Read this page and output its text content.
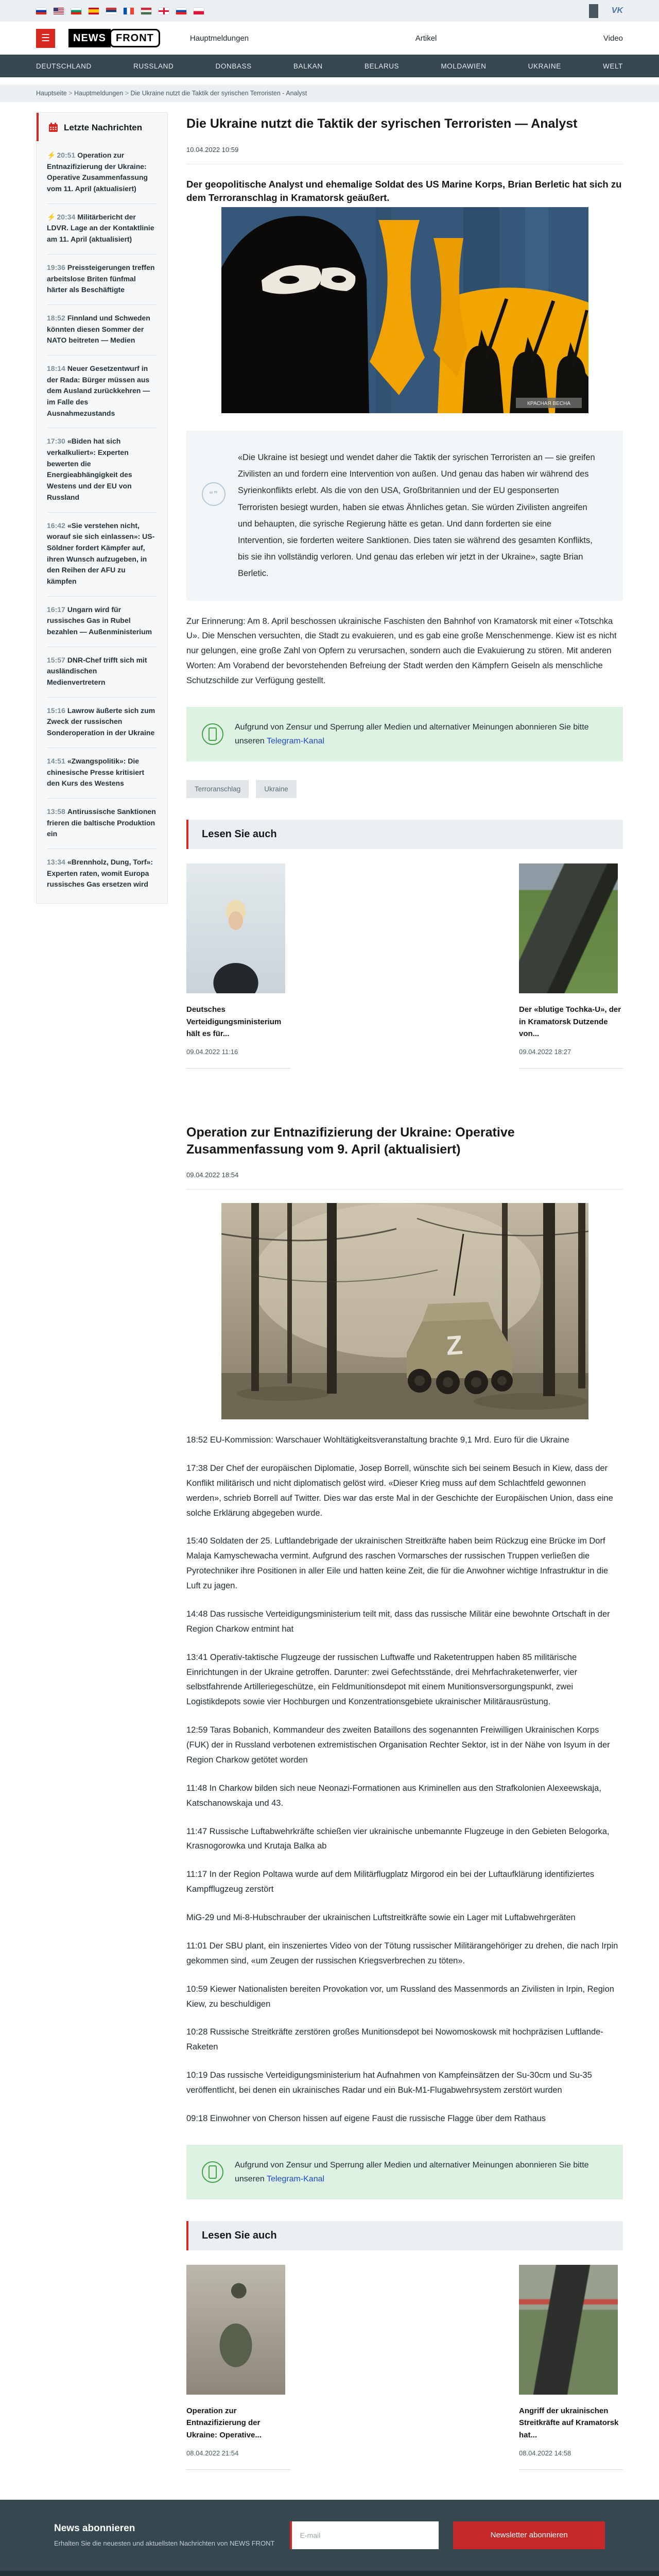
VK
☰	NEWS FRONT	Hauptmeldungen	Artikel	Video
DEUTSCHLAND	RUSSLAND	DONBASS	BALKAN	BELARUS	MOLDAWIEN	UKRAINE	WELT
Hauptseite > Hauptmeldungen > Die Ukraine nutzt die Taktik der syrischen Terroristen - Analyst
Letzte Nachrichten
⚡ 20:51 Operation zur Entnazifizierung der Ukraine: Operative Zusammenfassung vom 11. April (aktualisiert)
⚡ 20:34 Militärbericht der LDVR. Lage an der Kontaktlinie am 11. April (aktualisiert)
19:36 Preissteigerungen treffen arbeitslose Briten fünfmal härter als Beschäftigte
18:52 Finnland und Schweden könnten diesen Sommer der NATO beitreten — Medien
18:14 Neuer Gesetzentwurf in der Rada: Bürger müssen aus dem Ausland zurückkehren — im Falle des Ausnahmezustands
17:30 «Biden hat sich verkalkuliert»: Experten bewerten die Energieabhängigkeit des Westens und der EU von Russland
16:42 «Sie verstehen nicht, worauf sie sich einlassen»: US-Söldner fordert Kämpfer auf, ihren Wunsch aufzugeben, in den Reihen der AFU zu kämpfen
16:17 Ungarn wird für russisches Gas in Rubel bezahlen — Außenministerium
15:57 DNR-Chef trifft sich mit ausländischen Medienvertretern
15:16 Lawrow äußerte sich zum Zweck der russischen Sonderoperation in der Ukraine
14:51 «Zwangspolitik»: Die chinesische Presse kritisiert den Kurs des Westens
13:58 Antirussische Sanktionen frieren die baltische Produktion ein
13:34 «Brennholz, Dung, Torf»: Experten raten, womit Europa russisches Gas ersetzen wird
Die Ukraine nutzt die Taktik der syrischen Terroristen — Analyst
10.04.2022 10:59

Der geopolitische Analyst und ehemalige Soldat des US Marine Korps, Brian Berletic hat sich zu dem Terroranschlag in Kramatorsk geäußert.

КРАСНАЯ ВЕСНА
❝❞
«Die Ukraine ist besiegt und wendet daher die Taktik der syrischen Terroristen an — sie greifen Zivilisten an und fordern eine Intervention von außen. Und genau das haben wir während des Syrienkonflikts erlebt. Als die von den USA, Großbritannien und der EU gesponserten Terroristen besiegt wurden, haben sie etwas Ähnliches getan. Sie würden Zivilisten angreifen und behaupten, die syrische Regierung hätte es getan. Und dann forderten sie eine Intervention, sie forderten weitere Sanktionen. Dies taten sie während des gesamten Konflikts, bis sie ihn vollständig verloren. Und genau das erleben wir jetzt in der Ukraine», sagte Brian Berletic.

Zur Erinnerung: Am 8. April beschossen ukrainische Faschisten den Bahnhof von Kramatorsk mit einer «Totschka U». Die Menschen versuchten, die Stadt zu evakuieren, und es gab eine große Menschenmenge. Kiew ist es nicht nur gelungen, eine große Zahl von Opfern zu verursachen, sondern auch die Evakuierung zu stören. Mit anderen Worten: Am Vorabend der bevorstehenden Befreiung der Stadt werden den Kämpfern Geiseln als menschliche Schutzschilde zur Verfügung gestellt.

Aufgrund von Zensur und Sperrung aller Medien und alternativer Meinungen abonnieren Sie bitte unseren Telegram-Kanal
Terroranschlag	Ukraine
Lesen Sie auch
Deutsches Verteidigungsministerium hält es für...
09.04.2022 11:16
Der «blutige Tochka-U», der in Kramatorsk Dutzende von...
09.04.2022 18:27
Operation zur Entnazifizierung der Ukraine: Operative Zusammenfassung vom 9. April (aktualisiert)
09.04.2022 18:54
Z

18:52 EU-Kommission: Warschauer Wohltätigkeitsveranstaltung brachte 9,1 Mrd. Euro für die Ukraine

17:38 Der Chef der europäischen Diplomatie, Josep Borrell, wünschte sich bei seinem Besuch in Kiew, dass der Konflikt militärisch und nicht diplomatisch gelöst wird. «Dieser Krieg muss auf dem Schlachtfeld gewonnen werden», schrieb Borrell auf Twitter. Dies war das erste Mal in der Geschichte der Europäischen Union, dass eine solche Erklärung abgegeben wurde.

15:40 Soldaten der 25. Luftlandebrigade der ukrainischen Streitkräfte haben beim Rückzug eine Brücke im Dorf Malaja Kamyschewacha vermint. Aufgrund des raschen Vormarsches der russischen Truppen verließen die Pyrotechniker ihre Positionen in aller Eile und hatten keine Zeit, die für die Anwohner wichtige Infrastruktur in die Luft zu jagen.

14:48 Das russische Verteidigungsministerium teilt mit, dass das russische Militär eine bewohnte Ortschaft in der Region Charkow entmint hat

13:41 Operativ-taktische Flugzeuge der russischen Luftwaffe und Raketentruppen haben 85 militärische Einrichtungen in der Ukraine getroffen. Darunter: zwei Gefechtsstände, drei Mehrfachraketenwerfer, vier selbstfahrende Artilleriegeschütze, ein Feldmunitionsdepot mit einem Munitionsversorgungspunkt, zwei Logistikdepots sowie vier Hochburgen und Konzentrationsgebiete ukrainischer Militärausrüstung.

12:59 Taras Bobanich, Kommandeur des zweiten Bataillons des sogenannten Freiwilligen Ukrainischen Korps (FUK) der in Russland verbotenen extremistischen Organisation Rechter Sektor, ist in der Nähe von Isyum in der Region Charkow getötet worden

11:48 In Charkow bilden sich neue Neonazi-Formationen aus Kriminellen aus den Strafkolonien Alexeewskaja, Katschanowskaja und 43.

11:47 Russische Luftabwehrkräfte schießen vier ukrainische unbemannte Flugzeuge in den Gebieten Belogorka, Krasnogorowka und Krutaja Balka ab

11:17 In der Region Poltawa wurde auf dem Militärflugplatz Mirgorod ein bei der Luftaufklärung identifiziertes Kampfflugzeug zerstört

MiG-29 und Mi-8-Hubschrauber der ukrainischen Luftstreitkräfte sowie ein Lager mit Luftabwehrgeräten

11:01 Der SBU plant, ein inszeniertes Video von der Tötung russischer Militärangehöriger zu drehen, die nach Irpin gekommen sind, «um Zeugen der russischen Kriegsverbrechen zu töten».

10:59 Kiewer Nationalisten bereiten Provokation vor, um Russland des Massenmords an Zivilisten in Irpin, Region Kiew, zu beschuldigen

10:28 Russische Streitkräfte zerstören großes Munitionsdepot bei Nowomoskowsk mit hochpräzisen Luftlande-Raketen

10:19 Das russische Verteidigungsministerium hat Aufnahmen von Kampfeinsätzen der Su-30cm und Su-35 veröffentlicht, bei denen ein ukrainisches Radar und ein Buk-M1-Flugabwehrsystem zerstört wurden

09:18 Einwohner von Cherson hissen auf eigene Faust die russische Flagge über dem Rathaus

Aufgrund von Zensur und Sperrung aller Medien und alternativer Meinungen abonnieren Sie bitte unseren Telegram-Kanal
Lesen Sie auch
Operation zur Entnazifizierung der Ukraine: Operative...
08.04.2022 21:54
Angriff der ukrainischen Streitkräfte auf Kramatorsk hat...
08.04.2022 14:58
News abonnieren

Erhalten Sie die neuesten und aktuellsten Nachrichten von NEWS FRONT

E-mail
Newsletter abonnieren
